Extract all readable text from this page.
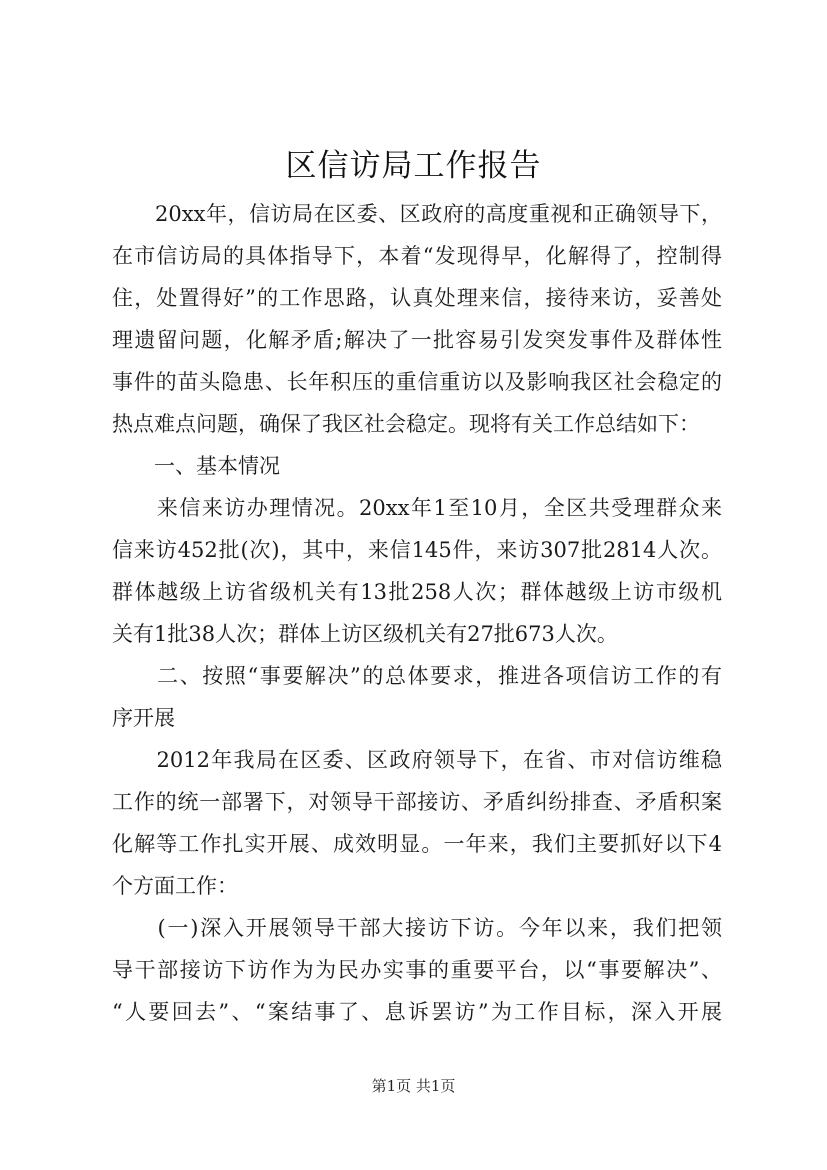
区信访局工作报告
　　20xx年，信访局在区委、区政府的高度重视和正确领导下，
在市信访局的具体指导下，本着“发现得早，化解得了，控制得
住，处置得好”的工作思路，认真处理来信，接待来访，妥善处
理遗留问题，化解矛盾;解决了一批容易引发突发事件及群体性
事件的苗头隐患、长年积压的重信重访以及影响我区社会稳定的
热点难点问题，确保了我区社会稳定。现将有关工作总结如下：
　　一、基本情况
　　来信来访办理情况。20xx年1至10月，全区共受理群众来
信来访452批(次)，其中，来信145件，来访307批2814人次。
群体越级上访省级机关有13批258人次；群体越级上访市级机
关有1批38人次；群体上访区级机关有27批673人次。
　　二、按照“事要解决”的总体要求，推进各项信访工作的有
序开展
　　2012年我局在区委、区政府领导下，在省、市对信访维稳
工作的统一部署下，对领导干部接访、矛盾纠纷排查、矛盾积案
化解等工作扎实开展、成效明显。一年来，我们主要抓好以下4
个方面工作：
　　(一)深入开展领导干部大接访下访。今年以来，我们把领
导干部接访下访作为为民办实事的重要平台，以“事要解决”、
“人要回去”、“案结事了、息诉罢访”为工作目标，深入开展
第1页 共1页
